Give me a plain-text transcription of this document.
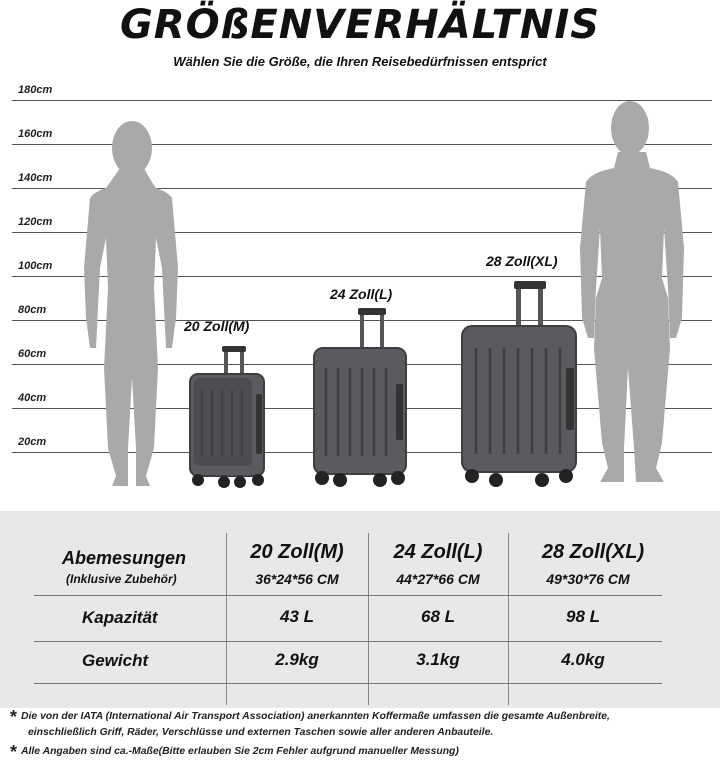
GRÖßENVERHÄLTNIS
Wählen Sie die Größe, die Ihren Reisebedürfnissen entsprict
180cm
160cm
140cm
120cm
100cm
80cm
60cm
40cm
20cm
20 Zoll(M)
24 Zoll(L)
28 Zoll(XL)
Abemesungen
(Inklusive Zubehör)
Kapazität
Gewicht
20 Zoll(M)
36*24*56 CM
43 L
2.9kg
24 Zoll(L)
44*27*66 CM
68 L
3.1kg
28 Zoll(XL)
49*30*76 CM
98 L
4.0kg
* Die von der IATA (International Air Transport Association) anerkannten Koffermaße umfassen die gesamte Außenbreite,
einschließlich Griff, Räder, Verschlüsse und externen Taschen sowie aller anderen Anbauteile.
* Alle Angaben sind ca.-Maße(Bitte erlauben Sie 2cm Fehler aufgrund manueller Messung)
